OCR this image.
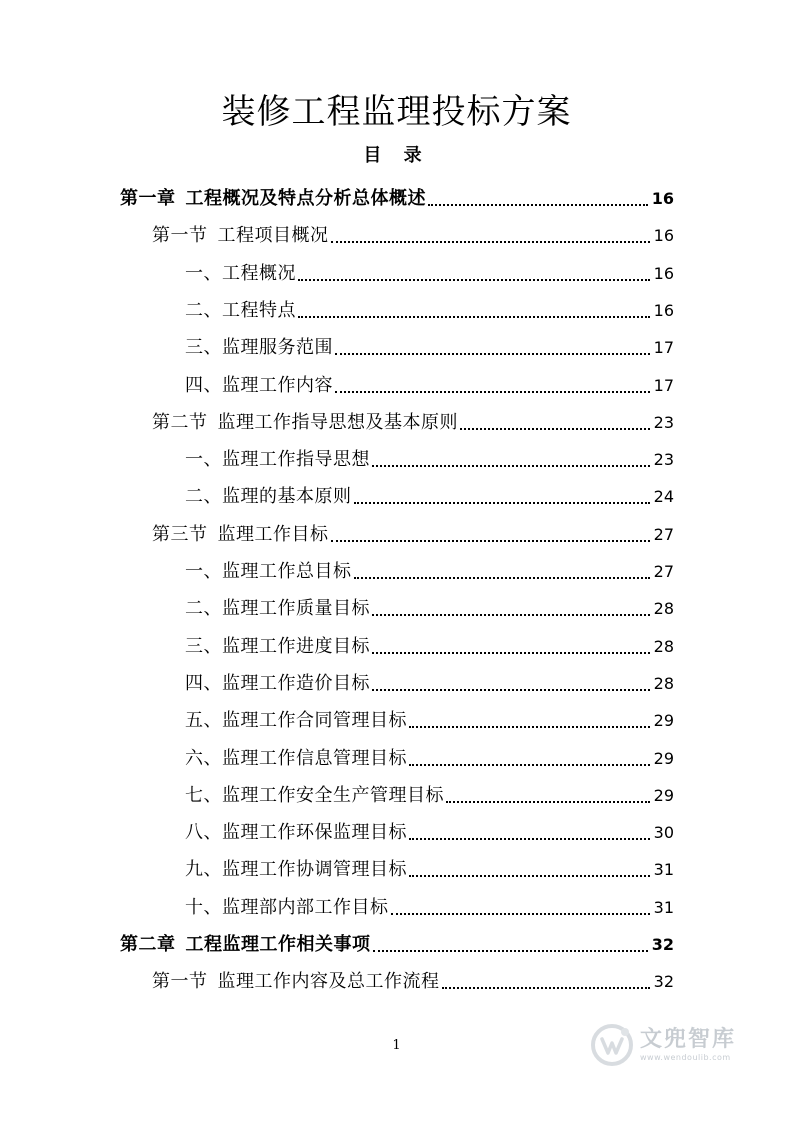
装修工程监理投标方案
目 录
第一章 工程概况及特点分析总体概述	16
第一节 工程项目概况	16
一、工程概况	16
二、工程特点	16
三、监理服务范围	17
四、监理工作内容	17
第二节 监理工作指导思想及基本原则	23
一、监理工作指导思想	23
二、监理的基本原则	24
第三节 监理工作目标	27
一、监理工作总目标	27
二、监理工作质量目标	28
三、监理工作进度目标	28
四、监理工作造价目标	28
五、监理工作合同管理目标	29
六、监理工作信息管理目标	29
七、监理工作安全生产管理目标	29
八、监理工作环保监理目标	30
九、监理工作协调管理目标	31
十、监理部内部工作目标	31
第二章 工程监理工作相关事项	32
第一节 监理工作内容及总工作流程	32
1	文兜智库
www.wendoulib.com
